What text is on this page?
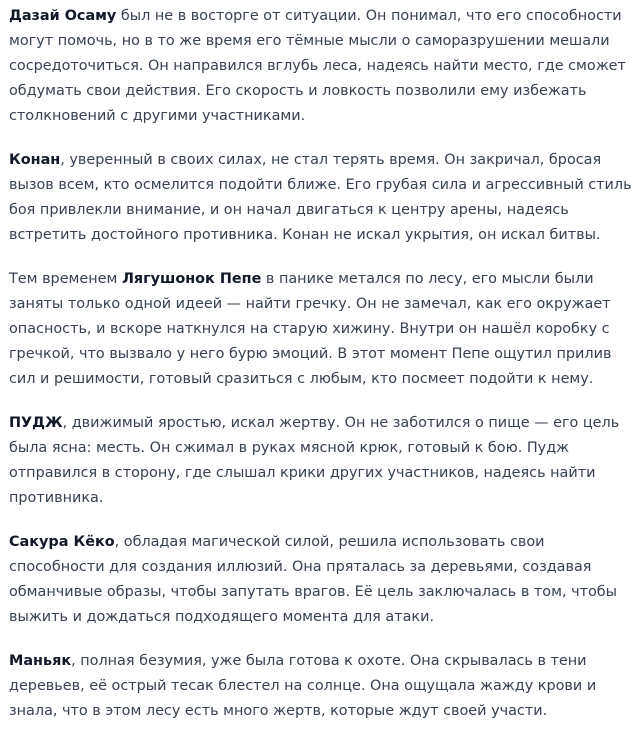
Дазай Осаму был не в восторге от ситуации. Он понимал, что его способности могут помочь, но в то же время его тёмные мысли о саморазрушении мешали сосредоточиться. Он направился вглубь леса, надеясь найти место, где сможет обдумать свои действия. Его скорость и ловкость позволили ему избежать столкновений с другими участниками.

Конан, уверенный в своих силах, не стал терять время. Он закричал, бросая вызов всем, кто осмелится подойти ближе. Его грубая сила и агрессивный стиль боя привлекли внимание, и он начал двигаться к центру арены, надеясь встретить достойного противника. Конан не искал укрытия, он искал битвы.

Тем временем Лягушонок Пепе в панике метался по лесу, его мысли были заняты только одной идеей — найти гречку. Он не замечал, как его окружает опасность, и вскоре наткнулся на старую хижину. Внутри он нашёл коробку с гречкой, что вызвало у него бурю эмоций. В этот момент Пепе ощутил прилив сил и решимости, готовый сразиться с любым, кто посмеет подойти к нему.

ПУДЖ, движимый яростью, искал жертву. Он не заботился о пище — его цель была ясна: месть. Он сжимал в руках мясной крюк, готовый к бою. Пудж отправился в сторону, где слышал крики других участников, надеясь найти противника.

Сакура Кёко, обладая магической силой, решила использовать свои способности для создания иллюзий. Она пряталась за деревьями, создавая обманчивые образы, чтобы запутать врагов. Её цель заключалась в том, чтобы выжить и дождаться подходящего момента для атаки.

Маньяк, полная безумия, уже была готова к охоте. Она скрывалась в тени деревьев, её острый тесак блестел на солнце. Она ощущала жажду крови и знала, что в этом лесу есть много жертв, которые ждут своей участи.
